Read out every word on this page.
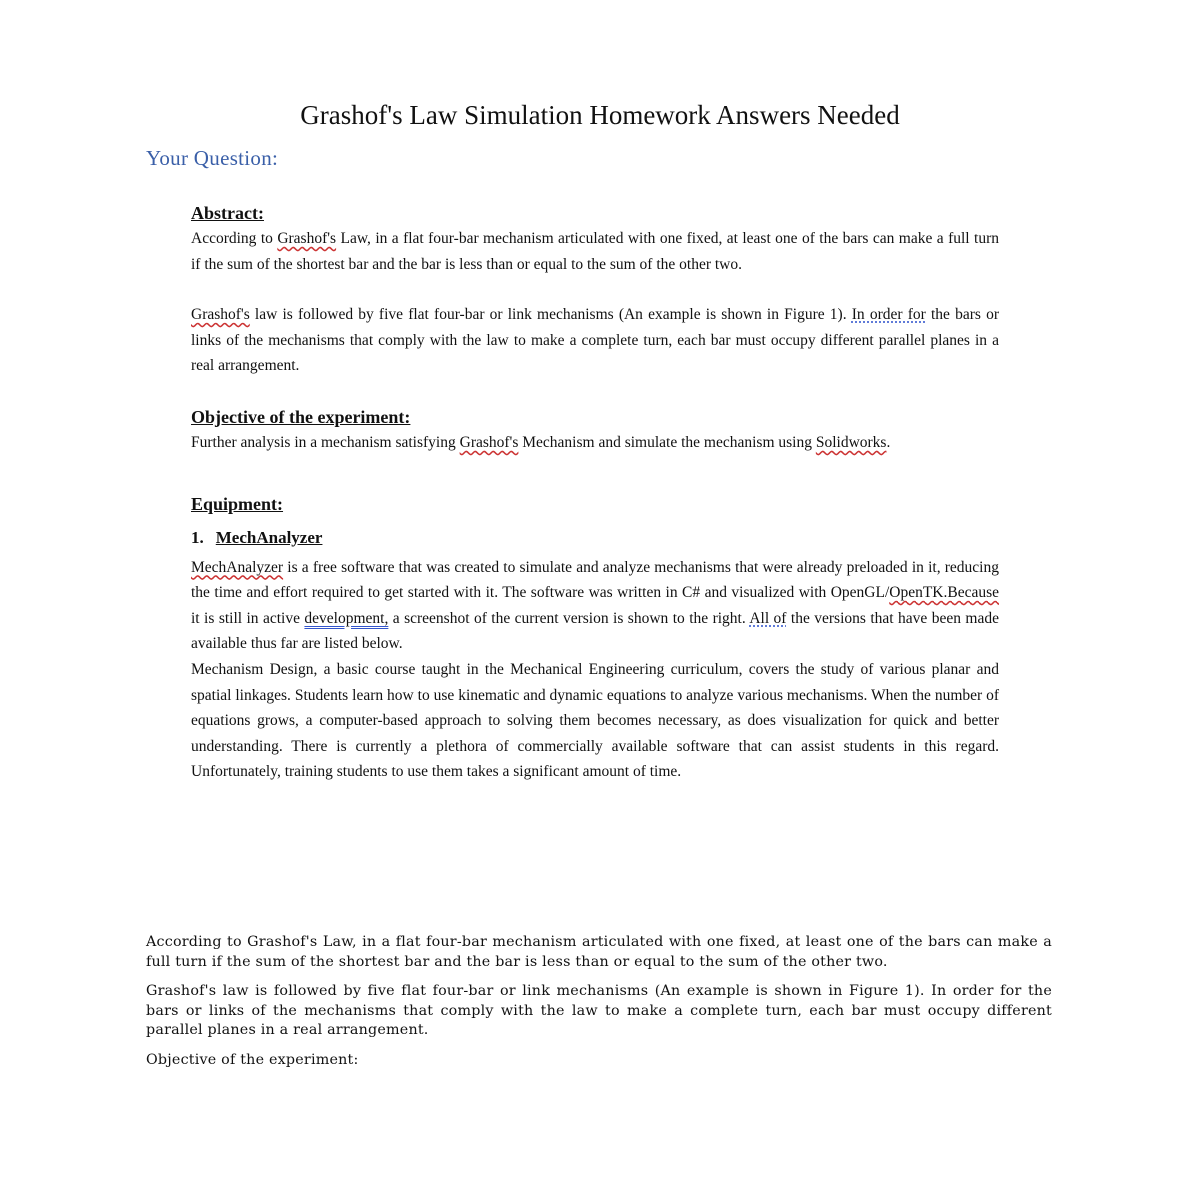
Grashof's Law Simulation Homework Answers Needed
Your Question:
Abstract:

According to Grashof's Law, in a flat four-bar mechanism articulated with one fixed, at least one of the bars can make a full turn if the sum of the shortest bar and the bar is less than or equal to the sum of the other two.

Grashof's law is followed by five flat four-bar or link mechanisms (An example is shown in Figure 1). In order for the bars or links of the mechanisms that comply with the law to make a complete turn, each bar must occupy different parallel planes in a real arrangement.

Objective of the experiment:

Further analysis in a mechanism satisfying Grashof's Mechanism and simulate the mechanism using Solidworks.

Equipment:
1. MechAnalyzer

MechAnalyzer is a free software that was created to simulate and analyze mechanisms that were already preloaded in it, reducing the time and effort required to get started with it. The software was written in C# and visualized with OpenGL/OpenTK.Because it is still in active development, a screenshot of the current version is shown to the right. All of the versions that have been made available thus far are listed below.

Mechanism Design, a basic course taught in the Mechanical Engineering curriculum, covers the study of various planar and spatial linkages. Students learn how to use kinematic and dynamic equations to analyze various mechanisms. When the number of equations grows, a computer-based approach to solving them becomes necessary, as does visualization for quick and better understanding. There is currently a plethora of commercially available software that can assist students in this regard. Unfortunately, training students to use them takes a significant amount of time.

According to Grashof's Law, in a flat four-bar mechanism articulated with one fixed, at least one of the bars can make a full turn if the sum of the shortest bar and the bar is less than or equal to the sum of the other two.

Grashof's law is followed by five flat four-bar or link mechanisms (An example is shown in Figure 1). In order for the bars or links of the mechanisms that comply with the law to make a complete turn, each bar must occupy different parallel planes in a real arrangement.

Objective of the experiment:
